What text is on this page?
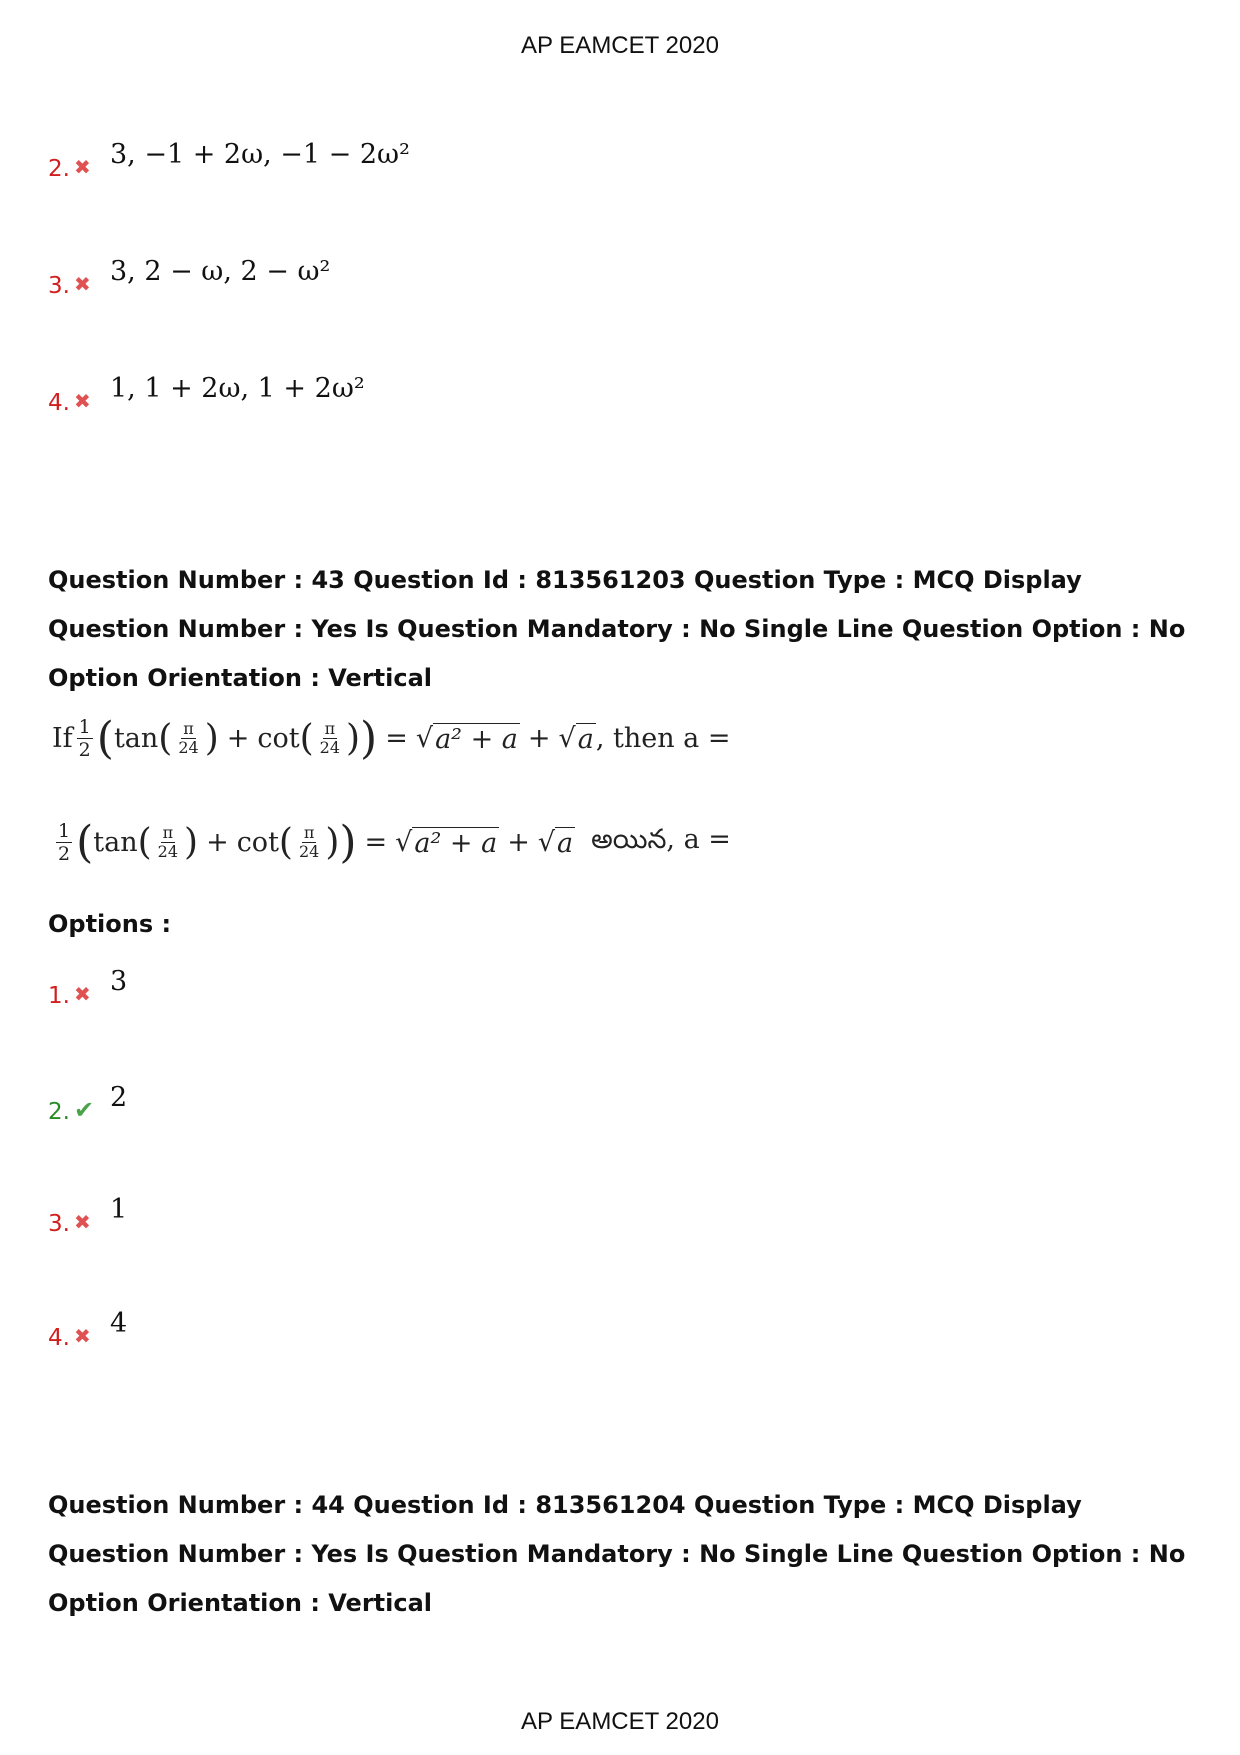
AP EAMCET 2020
2. ✖ 3, −1 + 2ω, −1 − 2ω²
3. ✖ 3, 2 − ω, 2 − ω²
4. ✖ 1, 1 + 2ω, 1 + 2ω²
Question Number : 43 Question Id : 813561203 Question Type : MCQ Display Question Number : Yes Is Question Mandatory : No Single Line Question Option : No Option Orientation : Vertical
If $\frac{1}{2}$ ( tan ( $\frac{\pi}{24}$ ) + cot ( $\frac{\pi}{24}$ ) ) = √ a² + a + √ a , then a =
$\frac{1}{2}$ ( tan ( $\frac{\pi}{24}$ ) + cot ( $\frac{\pi}{24}$ ) ) = √ a² + a + √ a అయిన, a =
Options :
1. ✖ 3
2. ✔ 2
3. ✖ 1
4. ✖ 4
Question Number : 44 Question Id : 813561204 Question Type : MCQ Display Question Number : Yes Is Question Mandatory : No Single Line Question Option : No Option Orientation : Vertical
AP EAMCET 2020
